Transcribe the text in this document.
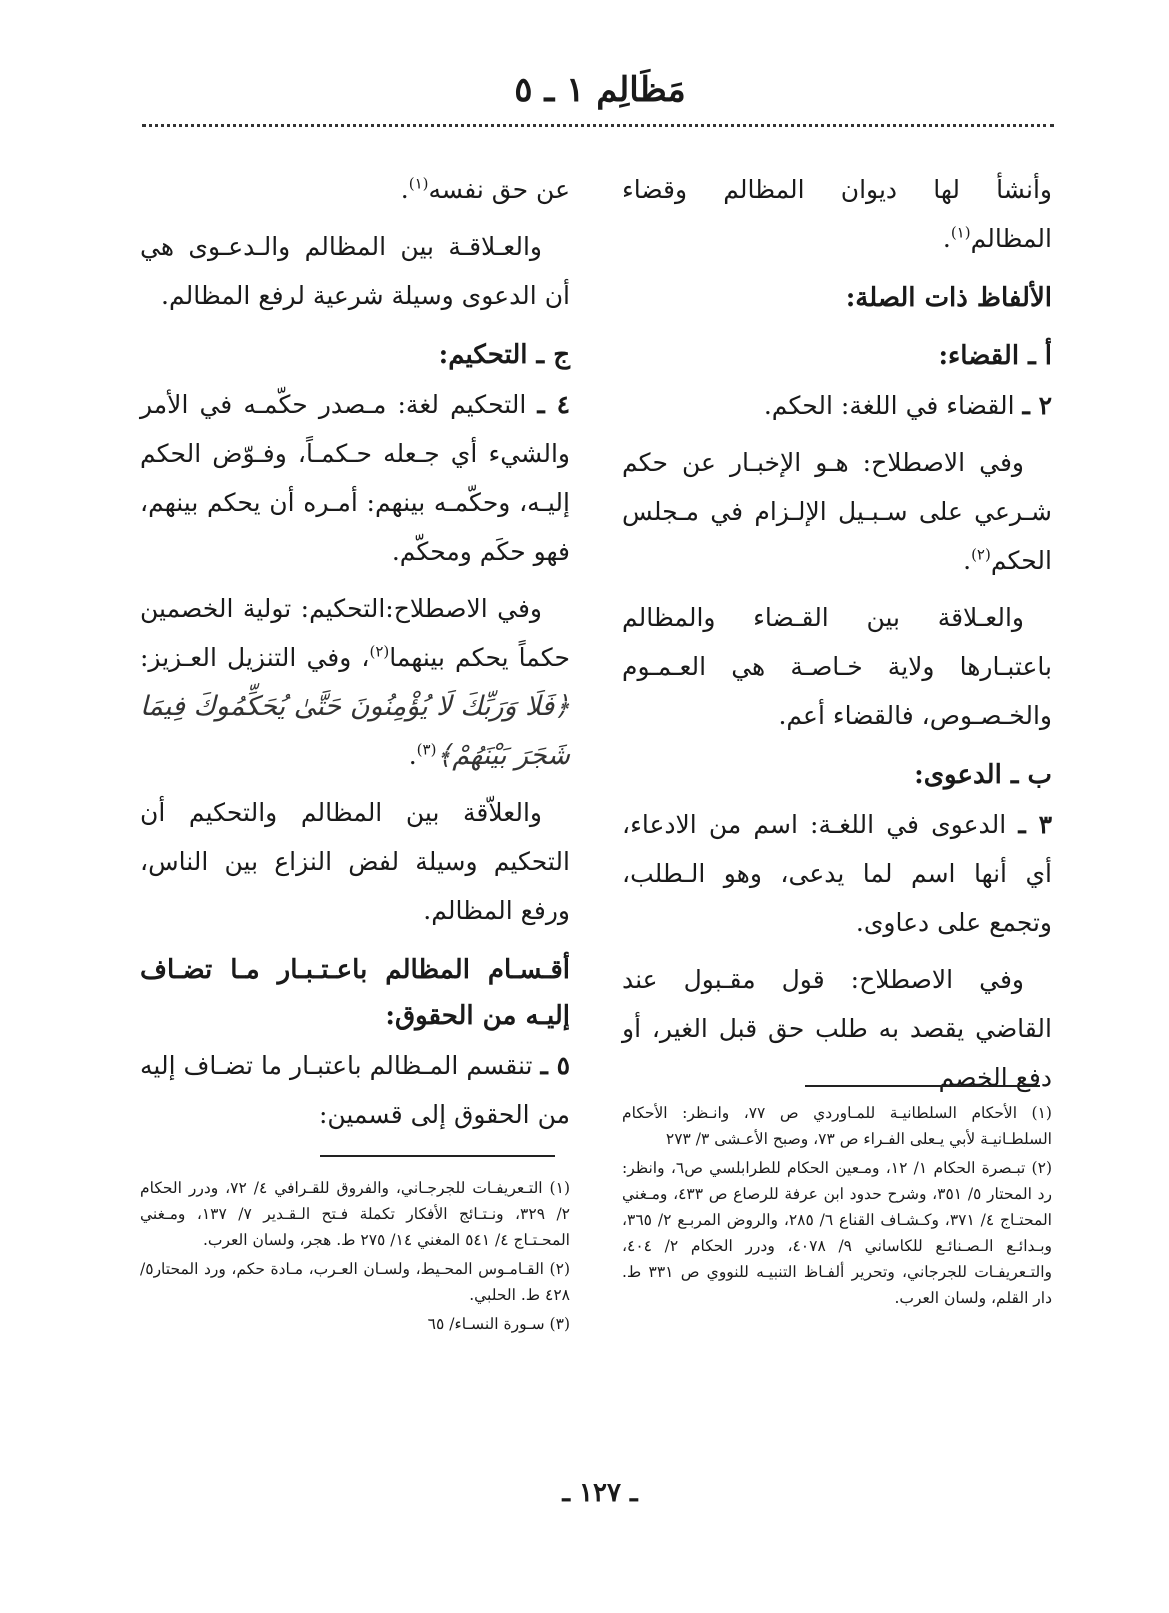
مَظَالِم ١ ـ ٥

وأنشأ لها ديوان المظالم وقضاء المظالم$^{(١)}$.

الألفاظ ذات الصلة:
أ ـ القضاء:

٢ ـ القضاء في اللغة: الحكم.

وفي الاصطلاح: هـو الإخبـار عن حكم شـرعي على سـبـيل الإلـزام في مـجلس الحكم$^{(٢)}$.

والعـلاقة بين القـضاء والمظالم باعتبـارها ولاية خـاصـة هي العـمـوم والخـصـوص، فالقضاء أعم.

ب ـ الدعوى:

٣ ـ الدعوى في اللغـة: اسم من الادعاء، أي أنها اسم لما يدعى، وهو الـطلب، وتجمع على دعاوى.

وفي الاصطلاح: قول مقـبول عند القاضي يقصد به طلب حق قبل الغير، أو دفع الخصم

عن حق نفسه$^{(١)}$.

والعـلاقـة بين المظالم والـدعـوى هي أن الدعوى وسيلة شرعية لرفع المظالم.

ج ـ التحكيم:

٤ ـ التحكيم لغة: مـصدر حكّمـه في الأمر والشيء أي جـعله حـكمـاً، وفـوّض الحكم إليـه، وحكّمـه بينهم: أمـره أن يحكم بينهم، فهو حكَم ومحكّم.

وفي الاصطلاح:التحكيم: تولية الخصمين حكماً يحكم بينهما$^{(٢)}$، وفي التنزيل العـزيز: ﴿فَلَا وَرَبِّكَ لَا يُؤْمِنُونَ حَتَّىٰ يُحَكِّمُوكَ فِيمَا شَجَرَ بَيْنَهُمْ﴾$^{(٣)}$.

والعلاّقة بين المظالم والتحكيم أن التحكيم وسيلة لفض النزاع بين الناس، ورفع المظالم.

أقـسـام المظالم باعـتـبـار مـا تضـاف إليـه من الحقوق:

٥ ـ تنقسم المـظالم باعتبـار ما تضـاف إليه من الحقوق إلى قسمين:	(١) الأحكام السلطانيـة للمـاوردي ص ٧٧، وانـظر: الأحكام السلطـانيـة لأبي يـعلى الفـراء ص ٧٣، وصبح الأعـشى ٣/ ٢٧٣

(٢) تبـصرة الحكام ١/ ١٢، ومـعين الحكام للطرابلسي ص٦، وانظر: رد المحتار ٥/ ٣٥١، وشرح حدود ابن عرفة للرصاع ص ٤٣٣، ومـغني المحتـاج ٤/ ٣٧١، وكـشـاف القناع ٦/ ٢٨٥، والروض المربـع ٢/ ٣٦٥، وبـدائـع الـصـنائـع للكاساني ٩/ ٤٠٧٨، ودرر الحكام ٢/ ٤٠٤، والتـعريفـات للجرجاني، وتحرير ألفـاظ التنبيـه للنووي ص ٣٣١ ط. دار القلم، ولسان العرب.

(١) التـعريفـات للجرجـاني، والفروق للقـرافي ٤/ ٧٢، ودرر الحكام ٢/ ٣٢٩، ونـتـائج الأفكار تكملة فـتح الـقـدير ٧/ ١٣٧، ومـغني المحـتـاج ٤/ ٥٤١ المغني ١٤/ ٢٧٥ ط. هجر، ولسان العرب.

(٢) القـامـوس المحـيط، ولسـان العـرب، مـادة حكم، ورد المحتار٥/ ٤٢٨ ط. الحلبي.

(٣) سـورة النسـاء/ ٦٥

ـ ١٢٧ ـ
